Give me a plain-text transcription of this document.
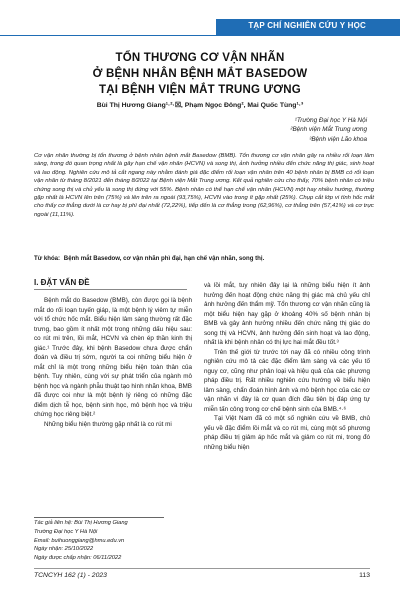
TẠP CHÍ NGHIÊN CỨU Y HỌC
TỔN THƯƠNG CƠ VẬN NHÃN
Ở BỆNH NHÂN BỆNH MẮT BASEDOW
TẠI BỆNH VIỆN MẮT TRUNG ƯƠNG
Bùi Thị Hương Giang¹·²·☒, Phạm Ngọc Đông², Mai Quốc Tùng¹·³
¹Trường Đại học Y Hà Nội
²Bệnh viện Mắt Trung ương
³Bệnh viện Lão khoa
Cơ vận nhãn thường bị tổn thương ở bệnh nhân bệnh mắt Basedow (BMB). Tổn thương cơ vận nhãn gây ra nhiều rối loạn lâm sàng, trong đó quan trọng nhất là gây hạn chế vận nhãn (HCVN) và song thị, ảnh hưởng nhiều đến chức năng thị giác, sinh hoạt và lao động. Nghiên cứu mô tả cắt ngang này nhằm đánh giá đặc điểm rối loạn vận nhãn trên 40 bệnh nhân bị BMB có rối loạn vận nhãn từ tháng 8/2021 đến tháng 8/2022 tại Bệnh viện Mắt Trung ương. Kết quả nghiên cứu cho thấy, 70% bệnh nhân có triệu chứng song thị và chủ yếu là song thị đứng với 55%. Bệnh nhân có thể hạn chế vận nhãn (HCVN) một hay nhiều hướng, thường gặp nhất là HCVN lên trên (75%) và lên trên ra ngoài (93,75%), HCVN vào trong ít gặp nhất (25%). Chụp cắt lớp vi tính hốc mắt cho thấy cơ thẳng dưới là cơ hay bị phì đại nhất (72,22%), tiếp đến là cơ thẳng trong (62,96%), cơ thẳng trên (57,41%) và cơ trực ngoài (11,11%).
Từ khóa: Bệnh mắt Basedow, cơ vận nhãn phì đại, hạn chế vận nhãn, song thị.
I. ĐẶT VẤN ĐỀ

Bệnh mắt do Basedow (BMB), còn được gọi là bệnh mắt do rối loạn tuyến giáp, là một bệnh lý viêm tự miễn với tổ chức hốc mắt. Biểu hiện lâm sàng thường rất đặc trưng, bao gồm ít nhất một trong những dấu hiệu sau: co rút mi trên, lồi mắt, HCVN và chèn ép thần kinh thị giác.¹ Trước đây, khi bệnh Basedow chưa được chẩn đoán và điều trị sớm, người ta coi những biểu hiện ở mắt chỉ là một trong những biểu hiện toàn thân của bệnh. Tuy nhiên, cùng với sự phát triển của ngành mô bệnh học và ngành phẫu thuật tạo hình nhãn khoa, BMB đã được coi như là một bệnh lý riêng có những đặc điểm dịch tễ học, bệnh sinh học, mô bệnh học và triệu chứng học riêng biệt.²

Những biểu hiện thường gặp nhất là co rút mi

và lồi mắt, tuy nhiên đây lại là những biểu hiện ít ảnh hưởng đến hoạt động chức năng thị giác mà chủ yếu chỉ ảnh hưởng đến thẩm mỹ. Tổn thương cơ vận nhãn cũng là một biểu hiện hay gặp ở khoảng 40% số bệnh nhân bị BMB và gây ảnh hưởng nhiều đến chức năng thị giác do song thị và HCVN, ảnh hưởng đến sinh hoạt và lao động, nhất là khi bệnh nhân có thị lực hai mắt đều tốt.³

Trên thế giới từ trước tới nay đã có nhiều công trình nghiên cứu mô tả các đặc điểm lâm sàng và các yếu tố nguy cơ, cũng như phân loại và hiệu quả của các phương pháp điều trị. Rất nhiều nghiên cứu hướng về biểu hiện lâm sàng, chẩn đoán hình ảnh và mô bệnh học của các cơ vận nhãn vì đây là cơ quan đích đầu tiên bị đáp ứng tự miễn tấn công trong cơ chế bệnh sinh của BMB.⁴·⁶

Tại Việt Nam đã có một số nghiên cứu về BMB, chủ yếu về đặc điểm lồi mắt và co rút mi, cùng một số phương pháp điều trị giảm áp hốc mắt và giảm co rút mi, trong đó những biểu hiện

Tác giả liên hệ: Bùi Thị Hương Giang
Trường Đại học Y Hà Nội
Email: buihuonggiang@hmu.edu.vn
Ngày nhận: 25/10/2022
Ngày được chấp nhận: 06/11/2022
TCNCYH 162 (1) - 2023	113
